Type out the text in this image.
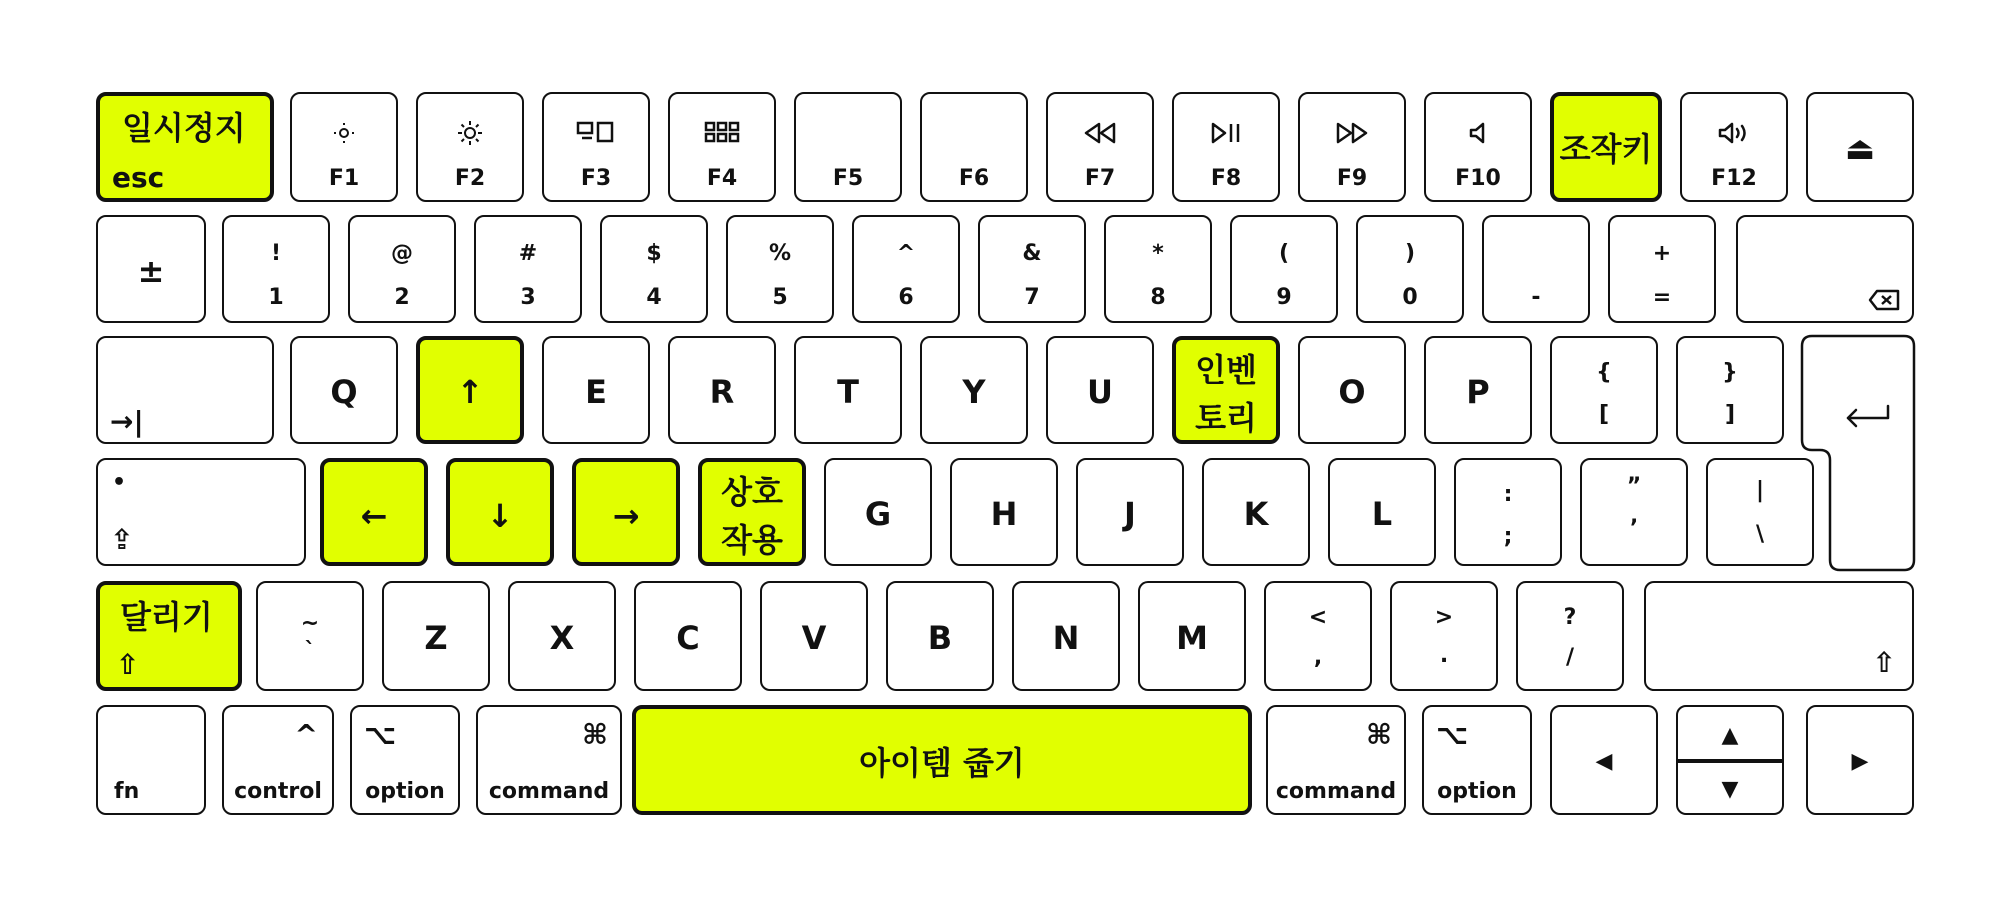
일시정지
esc	F1	F2	F3	F4	F5	F6	F7	F8	F9	F10
조작키
F12
⏏
±	!
1
@
2
#
3
$
4
%
5
^
6
&
7
*
8
(
9
)
0	-
+
=
→|
Q	↑	E	R	T	Y	U
인벤
토리
O	P
{
[
}
]
•
⇪
←	↓	→
상호
작용
G	H	J	K	L
:
;
”
’
|
\
달리기
⇧
~
`	Z	X	C	V	B	N	M
<
,
>
.
?
/	⇧
fn
^
control
⌥
option
⌘
command
아이템 줍기
⌘
command
⌥
option
◀
▲
▼
▶
